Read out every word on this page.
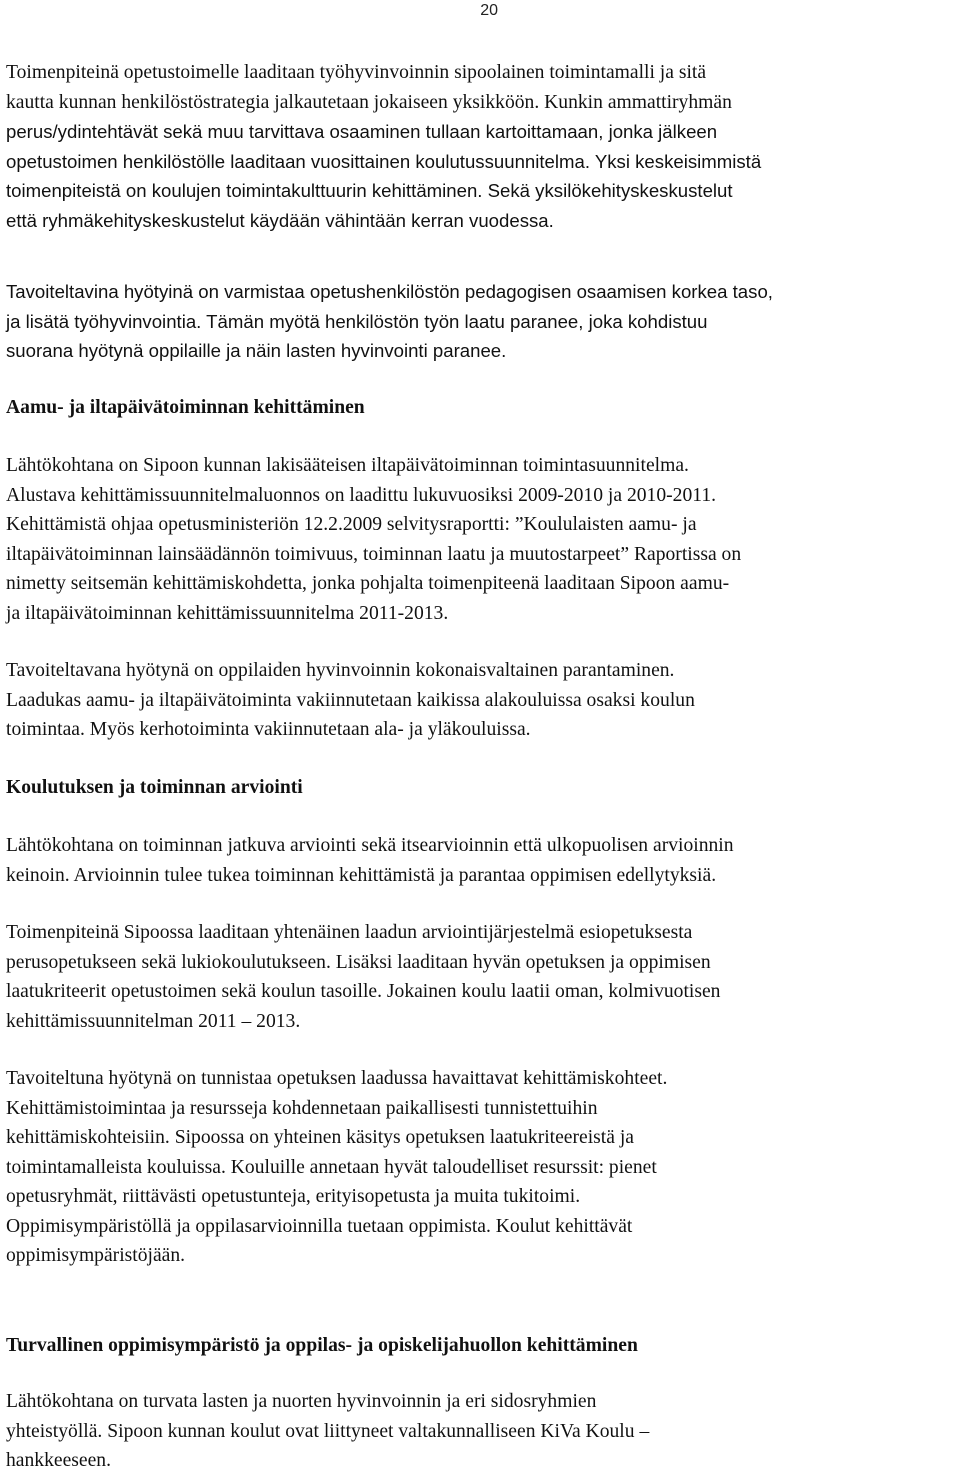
20
Toimenpiteinä opetustoimelle laaditaan työhyvinvoinnin sipoolainen toimintamalli ja sitä
kautta kunnan henkilöstöstrategia jalkautetaan jokaiseen yksikköön. Kunkin ammattiryhmän
perus/ydintehtävät sekä muu tarvittava osaaminen tullaan kartoittamaan, jonka jälkeen
opetustoimen henkilöstölle laaditaan vuosittainen koulutussuunnitelma. Yksi keskeisimmistä
toimenpiteistä on koulujen toimintakulttuurin kehittäminen. Sekä yksilökehityskeskustelut
että ryhmäkehityskeskustelut käydään vähintään kerran vuodessa.
Tavoiteltavina hyötyinä on varmistaa opetushenkilöstön pedagogisen osaamisen korkea taso,
ja lisätä työhyvinvointia. Tämän myötä henkilöstön työn laatu paranee, joka kohdistuu
suorana hyötynä oppilaille ja näin lasten hyvinvointi paranee.
Aamu- ja iltapäivätoiminnan kehittäminen
Lähtökohtana on Sipoon kunnan lakisääteisen iltapäivätoiminnan toimintasuunnitelma.
Alustava kehittämissuunnitelmaluonnos on laadittu lukuvuosiksi 2009-2010 ja 2010-2011.
Kehittämistä ohjaa opetusministeriön 12.2.2009 selvitysraportti: ”Koululaisten aamu- ja
iltapäivätoiminnan lainsäädännön toimivuus, toiminnan laatu ja muutostarpeet” Raportissa on
nimetty seitsemän kehittämiskohdetta, jonka pohjalta toimenpiteenä laaditaan Sipoon aamu-
ja iltapäivätoiminnan kehittämissuunnitelma 2011-2013.
Tavoiteltavana hyötynä on oppilaiden hyvinvoinnin kokonaisvaltainen parantaminen.
Laadukas aamu- ja iltapäivätoiminta vakiinnutetaan kaikissa alakouluissa osaksi koulun
toimintaa. Myös kerhotoiminta vakiinnutetaan ala- ja yläkouluissa.
Koulutuksen ja toiminnan arviointi
Lähtökohtana on toiminnan jatkuva arviointi sekä itsearvioinnin että ulkopuolisen arvioinnin
keinoin. Arvioinnin tulee tukea toiminnan kehittämistä ja parantaa oppimisen edellytyksiä.
Toimenpiteinä Sipoossa laaditaan yhtenäinen laadun arviointijärjestelmä esiopetuksesta
perusopetukseen sekä lukiokoulutukseen. Lisäksi laaditaan hyvän opetuksen ja oppimisen
laatukriteerit opetustoimen sekä koulun tasoille. Jokainen koulu laatii oman, kolmivuotisen
kehittämissuunnitelman 2011 – 2013.
Tavoiteltuna hyötynä on tunnistaa opetuksen laadussa havaittavat kehittämiskohteet.
Kehittämistoimintaa ja resursseja kohdennetaan paikallisesti tunnistettuihin
kehittämiskohteisiin. Sipoossa on yhteinen käsitys opetuksen laatukriteereistä ja
toimintamalleista kouluissa. Kouluille annetaan hyvät taloudelliset resurssit: pienet
opetusryhmät, riittävästi opetustunteja, erityisopetusta ja muita tukitoimi.
Oppimisympäristöllä ja oppilasarvioinnilla tuetaan oppimista. Koulut kehittävät
oppimisympäristöjään.
Turvallinen oppimisympäristö ja oppilas- ja opiskelijahuollon kehittäminen
Lähtökohtana on turvata lasten ja nuorten hyvinvoinnin ja eri sidosryhmien
yhteistyöllä. Sipoon kunnan koulut ovat liittyneet valtakunnalliseen KiVa Koulu –
hankkeeseen.
